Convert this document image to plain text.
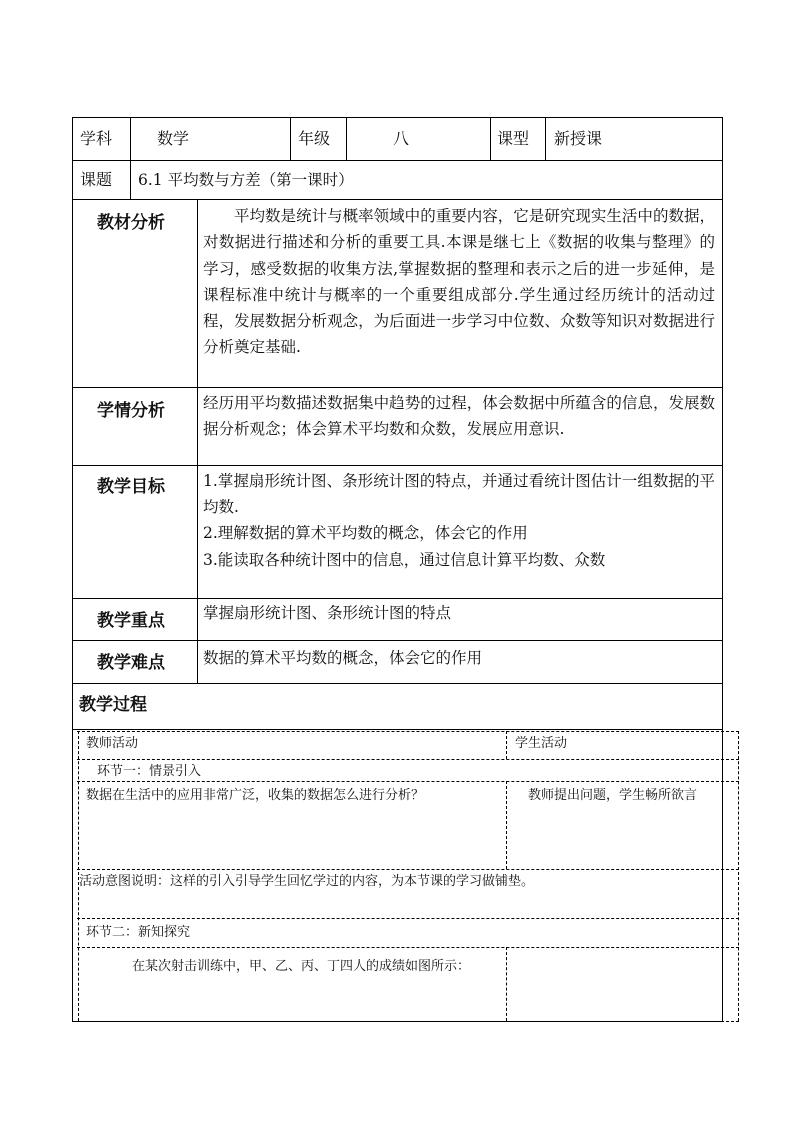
学科	数学	年级	八	课型 新授课
课题 6.1 平均数与方差（第一课时）
教材分析	平均数是统计与概率领域中的重要内容，它是研究现实生活中的数据，对数据进行描述和分析的重要工具.本课是继七上《数据的收集与整理》的学习，感受数据的收集方法,掌握数据的整理和表示之后的进一步延伸，是课程标准中统计与概率的一个重要组成部分.学生通过经历统计的活动过程，发展数据分析观念，为后面进一步学习中位数、众数等知识对数据进行分析奠定基础.
学情分析 经历用平均数描述数据集中趋势的过程，体会数据中所蕴含的信息，发展数据分析观念；体会算术平均数和众数，发展应用意识.
教学目标 1.掌握扇形统计图、条形统计图的特点，并通过看统计图估计一组数据的平均数.
2.理解数据的算术平均数的概念，体会它的作用
3.能读取各种统计图中的信息，通过信息计算平均数、众数
教学重点 掌握扇形统计图、条形统计图的特点
教学难点 数据的算术平均数的概念，体会它的作用
教学过程
教师活动	学生活动
环节一：情景引入
数据在生活中的应用非常广泛，收集的数据怎么进行分析？	教师提出问题，学生畅所欲言
活动意图说明：这样的引入引导学生回忆学过的内容，为本节课的学习做铺垫。
环节二：新知探究
在某次射击训练中，甲、乙、丙、丁四人的成绩如图所示：
